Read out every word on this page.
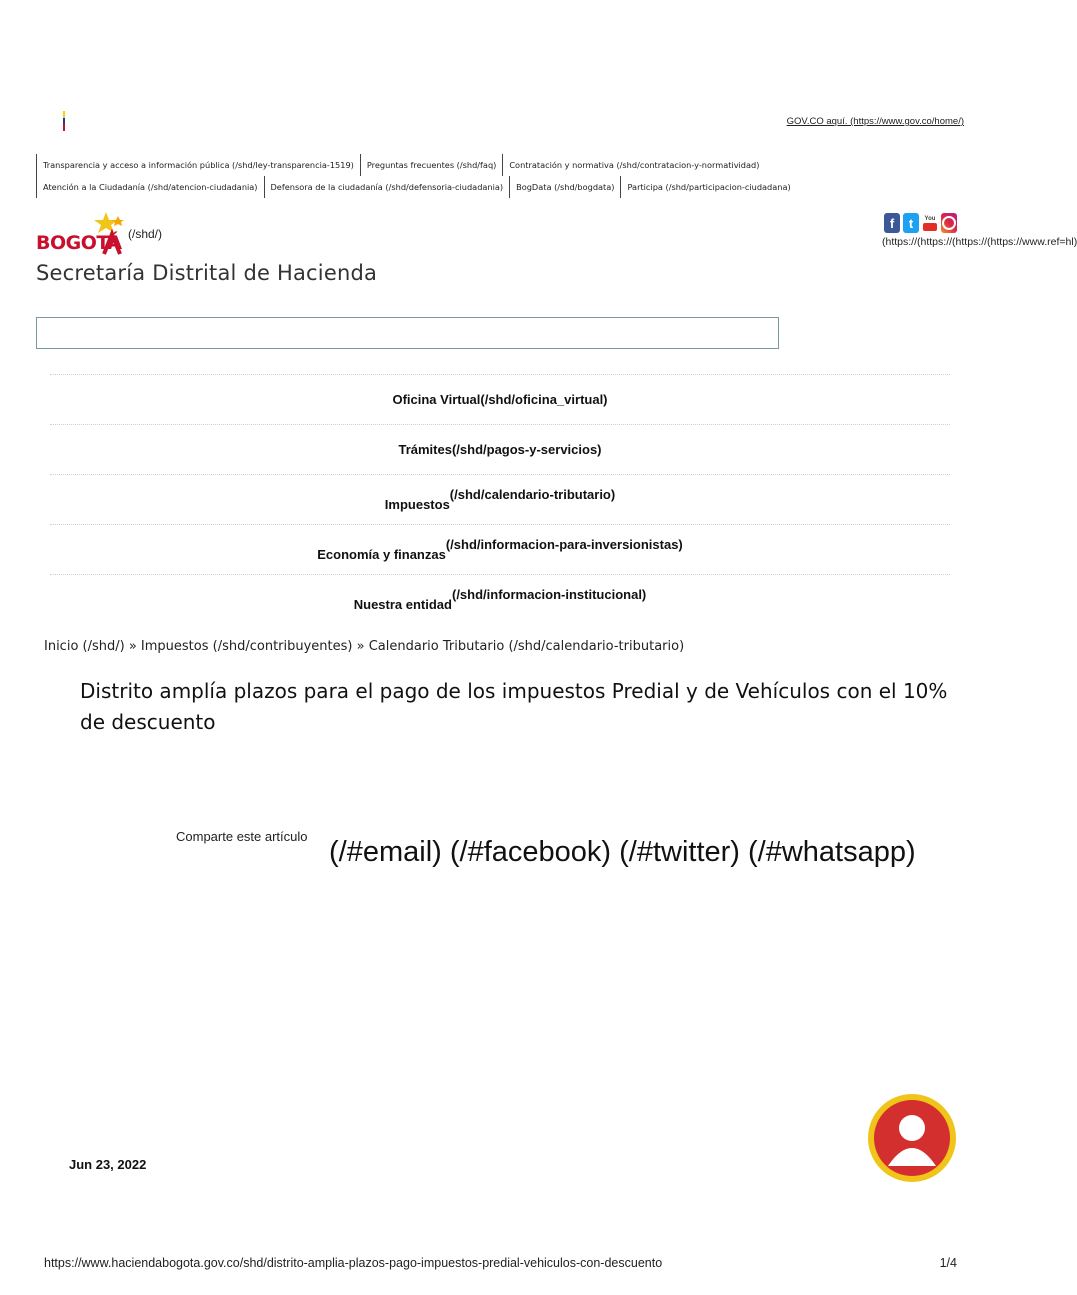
GOV.CO aquí. (https://www.gov.co/home/)
Transparencia y acceso a información pública (/shd/ley-transparencia-1519)	Preguntas frecuentes (/shd/faq)	Contratación y normativa (/shd/contratacion-y-normatividad)
Atención a la Ciudadanía (/shd/atencion-ciudadania)	Defensora de la ciudadanía (/shd/defensoria-ciudadania)	BogData (/shd/bogdata)	Participa (/shd/participacion-ciudadana)
BOGOTÁ (/shd/)
Secretaría Distrital de Hacienda
f	t	You
(https://(https://(https://(https://www.ref=hl)
Oficina Virtual (/shd/oficina_virtual)
Trámites (/shd/pagos-y-servicios)
Impuestos
(/shd/calendario-tributario)
Economía y finanzas
(/shd/informacion-para-inversionistas)
Nuestra entidad
(/shd/informacion-institucional)
Inicio (/shd/) » Impuestos (/shd/contribuyentes) » Calendario Tributario (/shd/calendario-tributario)
Distrito amplía plazos para el pago de los impuestos Predial y de Vehículos con el 10% de descuento
Comparte este artículo (/#email) (/#facebook) (/#twitter) (/#whatsapp)
Jun 23, 2022
https://www.haciendabogota.gov.co/shd/distrito-amplia-plazos-pago-impuestos-predial-vehiculos-con-descuento	1/4
